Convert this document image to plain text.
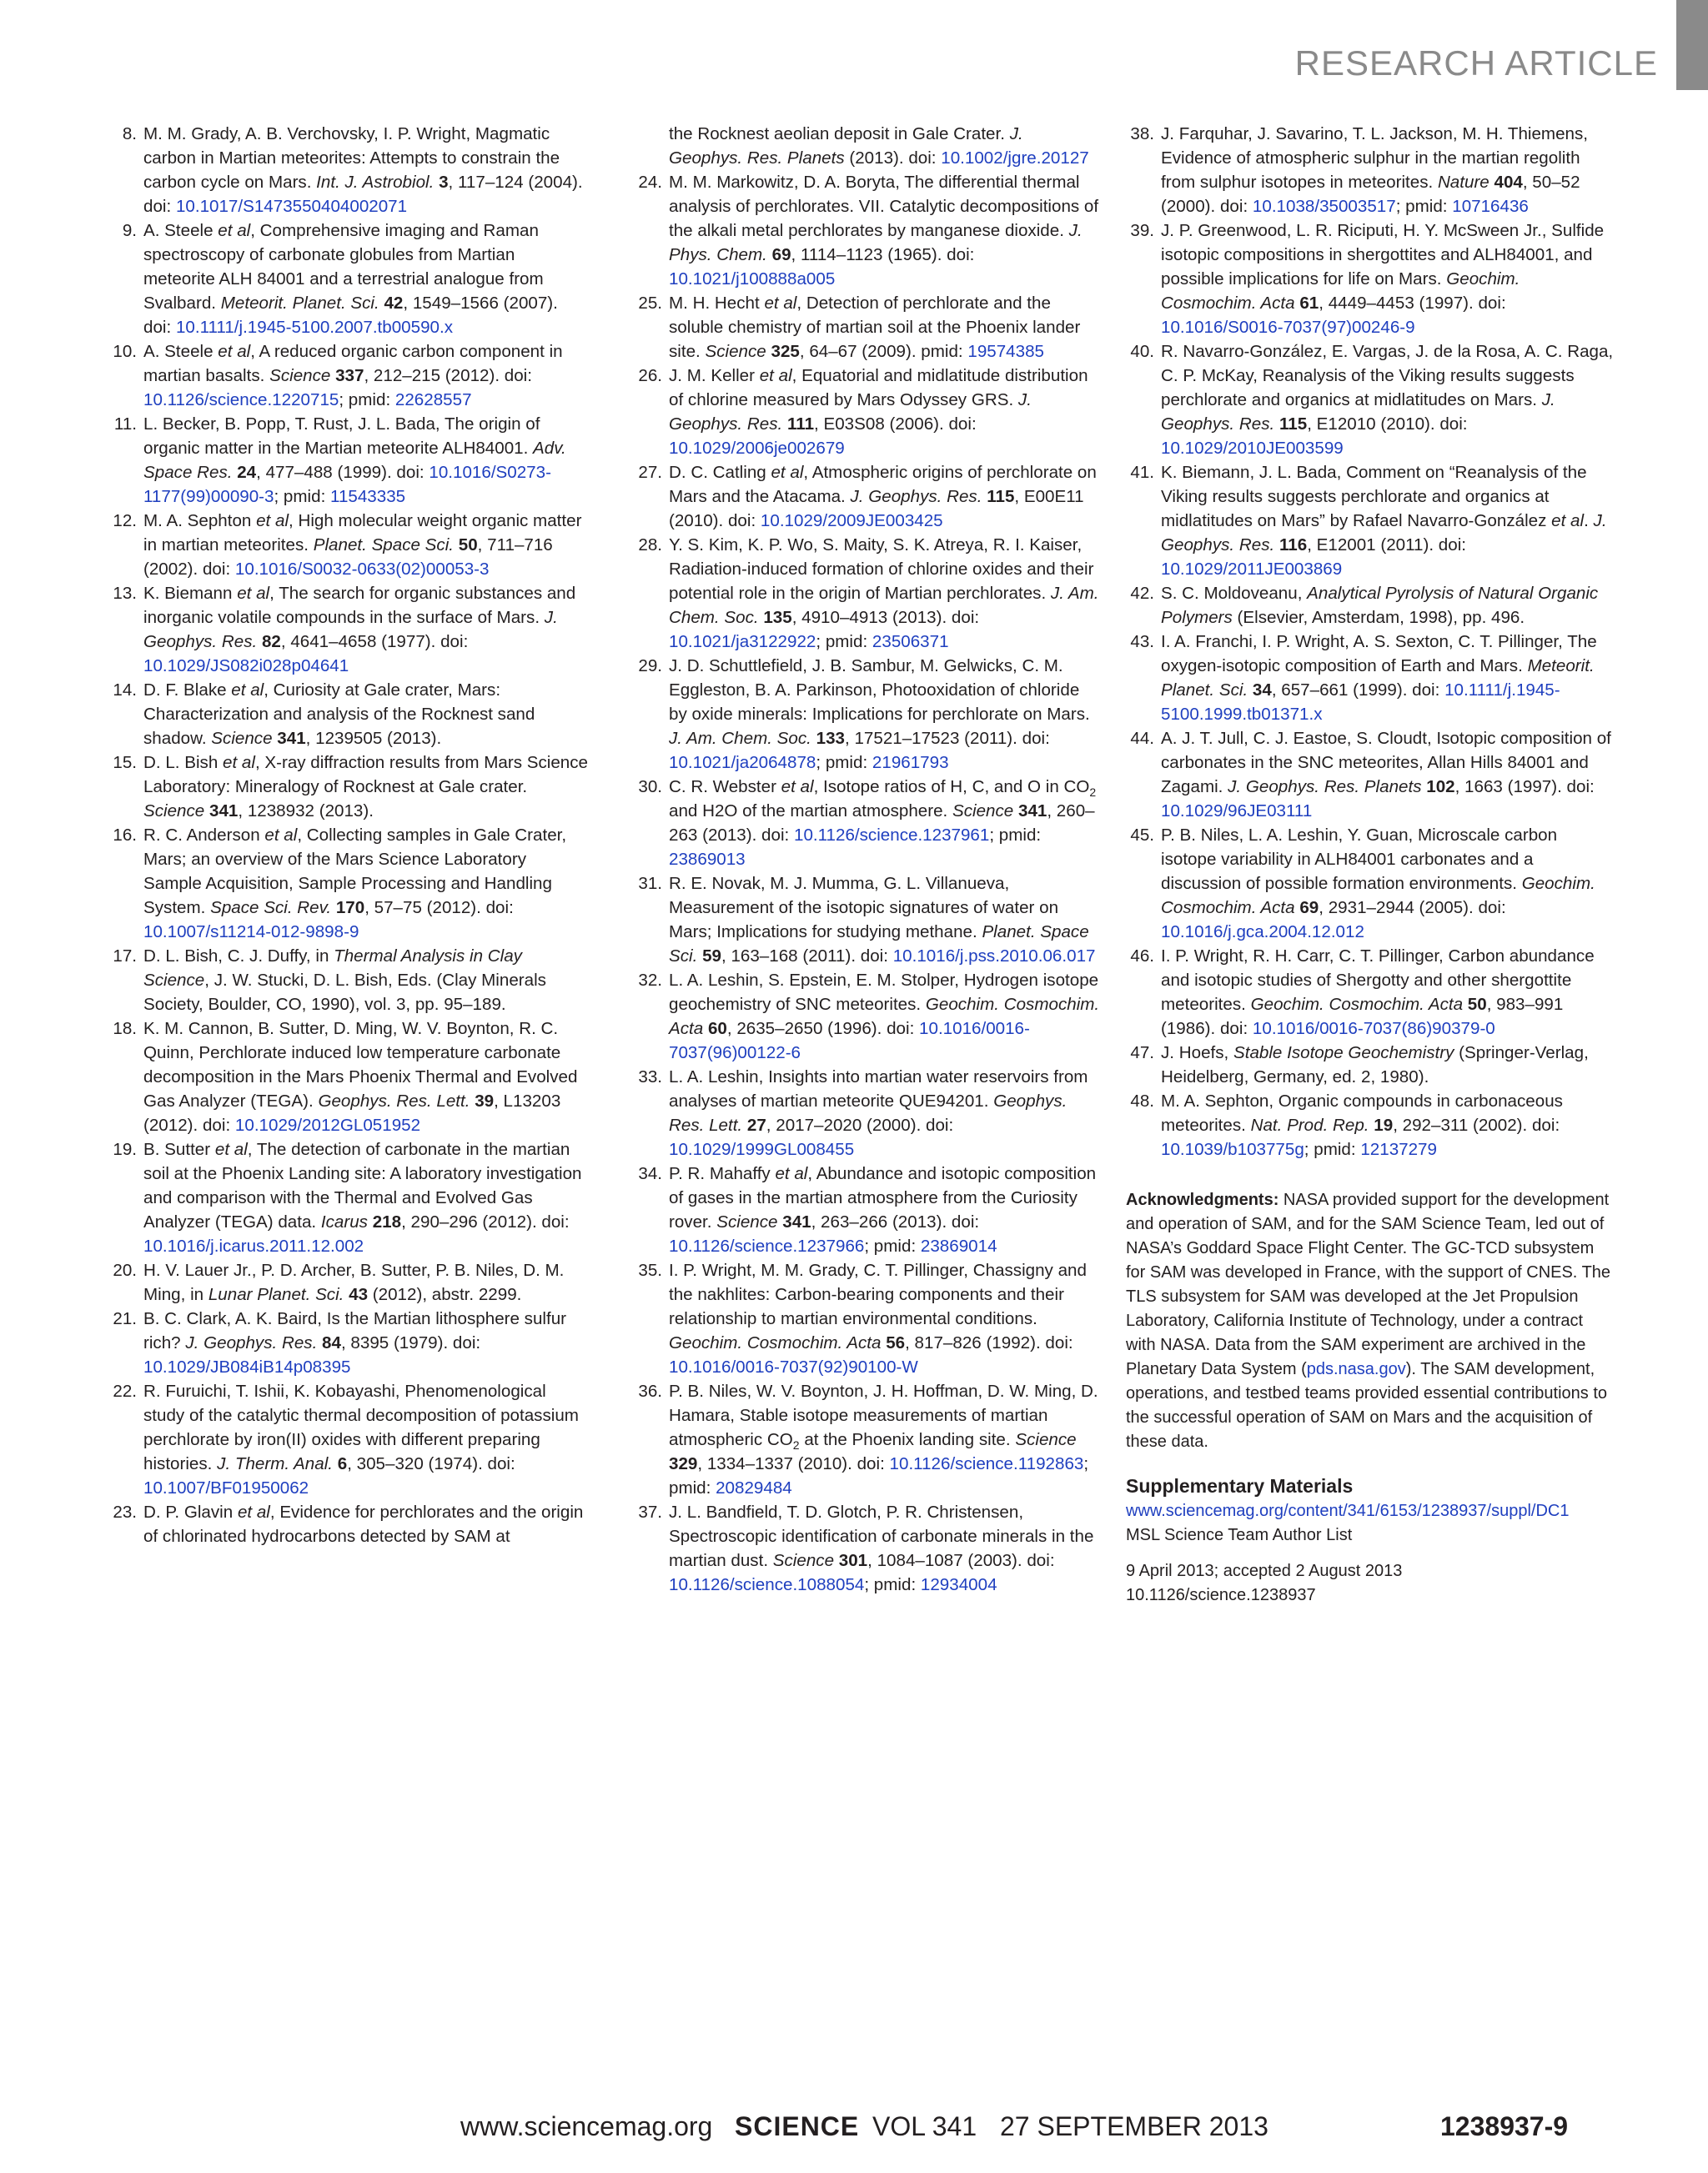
RESEARCH ARTICLE
8. M. M. Grady, A. B. Verchovsky, I. P. Wright, Magmatic carbon in Martian meteorites: Attempts to constrain the carbon cycle on Mars. Int. J. Astrobiol. 3, 117–124 (2004). doi: 10.1017/S1473550404002071
9. A. Steele et al, Comprehensive imaging and Raman spectroscopy of carbonate globules from Martian meteorite ALH 84001 and a terrestrial analogue from Svalbard. Meteorit. Planet. Sci. 42, 1549–1566 (2007). doi: 10.1111/j.1945-5100.2007.tb00590.x
10. A. Steele et al, A reduced organic carbon component in martian basalts. Science 337, 212–215 (2012). doi: 10.1126/science.1220715; pmid: 22628557
11. L. Becker, B. Popp, T. Rust, J. L. Bada, The origin of organic matter in the Martian meteorite ALH84001. Adv. Space Res. 24, 477–488 (1999). doi: 10.1016/S0273-1177(99)00090-3; pmid: 11543335
12. M. A. Sephton et al, High molecular weight organic matter in martian meteorites. Planet. Space Sci. 50, 711–716 (2002). doi: 10.1016/S0032-0633(02)00053-3
13. K. Biemann et al, The search for organic substances and inorganic volatile compounds in the surface of Mars. J. Geophys. Res. 82, 4641–4658 (1977). doi: 10.1029/JS082i028p04641
14. D. F. Blake et al, Curiosity at Gale crater, Mars: Characterization and analysis of the Rocknest sand shadow. Science 341, 1239505 (2013).
15. D. L. Bish et al, X-ray diffraction results from Mars Science Laboratory: Mineralogy of Rocknest at Gale crater. Science 341, 1238932 (2013).
16. R. C. Anderson et al, Collecting samples in Gale Crater, Mars; an overview of the Mars Science Laboratory Sample Acquisition, Sample Processing and Handling System. Space Sci. Rev. 170, 57–75 (2012). doi: 10.1007/s11214-012-9898-9
17. D. L. Bish, C. J. Duffy, in Thermal Analysis in Clay Science, J. W. Stucki, D. L. Bish, Eds. (Clay Minerals Society, Boulder, CO, 1990), vol. 3, pp. 95–189.
18. K. M. Cannon, B. Sutter, D. Ming, W. V. Boynton, R. C. Quinn, Perchlorate induced low temperature carbonate decomposition in the Mars Phoenix Thermal and Evolved Gas Analyzer (TEGA). Geophys. Res. Lett. 39, L13203 (2012). doi: 10.1029/2012GL051952
19. B. Sutter et al, The detection of carbonate in the martian soil at the Phoenix Landing site: A laboratory investigation and comparison with the Thermal and Evolved Gas Analyzer (TEGA) data. Icarus 218, 290–296 (2012). doi: 10.1016/j.icarus.2011.12.002
20. H. V. Lauer Jr., P. D. Archer, B. Sutter, P. B. Niles, D. M. Ming, in Lunar Planet. Sci. 43 (2012), abstr. 2299.
21. B. C. Clark, A. K. Baird, Is the Martian lithosphere sulfur rich? J. Geophys. Res. 84, 8395 (1979). doi: 10.1029/JB084iB14p08395
22. R. Furuichi, T. Ishii, K. Kobayashi, Phenomenological study of the catalytic thermal decomposition of potassium perchlorate by iron(II) oxides with different preparing histories. J. Therm. Anal. 6, 305–320 (1974). doi: 10.1007/BF01950062
23. D. P. Glavin et al, Evidence for perchlorates and the origin of chlorinated hydrocarbons detected by SAM at
the Rocknest aeolian deposit in Gale Crater. J. Geophys. Res. Planets (2013). doi: 10.1002/jgre.20127
24. M. M. Markowitz, D. A. Boryta, The differential thermal analysis of perchlorates. VII. Catalytic decompositions of the alkali metal perchlorates by manganese dioxide. J. Phys. Chem. 69, 1114–1123 (1965). doi: 10.1021/j100888a005
25. M. H. Hecht et al, Detection of perchlorate and the soluble chemistry of martian soil at the Phoenix lander site. Science 325, 64–67 (2009). pmid: 19574385
26. J. M. Keller et al, Equatorial and midlatitude distribution of chlorine measured by Mars Odyssey GRS. J. Geophys. Res. 111, E03S08 (2006). doi: 10.1029/2006je002679
27. D. C. Catling et al, Atmospheric origins of perchlorate on Mars and the Atacama. J. Geophys. Res. 115, E00E11 (2010). doi: 10.1029/2009JE003425
28. Y. S. Kim, K. P. Wo, S. Maity, S. K. Atreya, R. I. Kaiser, Radiation-induced formation of chlorine oxides and their potential role in the origin of Martian perchlorates. J. Am. Chem. Soc. 135, 4910–4913 (2013). doi: 10.1021/ja3122922; pmid: 23506371
29. J. D. Schuttlefield, J. B. Sambur, M. Gelwicks, C. M. Eggleston, B. A. Parkinson, Photooxidation of chloride by oxide minerals: Implications for perchlorate on Mars. J. Am. Chem. Soc. 133, 17521–17523 (2011). doi: 10.1021/ja2064878; pmid: 21961793
30. C. R. Webster et al, Isotope ratios of H, C, and O in $CO_2$ and H2O of the martian atmosphere. Science 341, 260–263 (2013). doi: 10.1126/science.1237961; pmid: 23869013
31. R. E. Novak, M. J. Mumma, G. L. Villanueva, Measurement of the isotopic signatures of water on Mars; Implications for studying methane. Planet. Space Sci. 59, 163–168 (2011). doi: 10.1016/j.pss.2010.06.017
32. L. A. Leshin, S. Epstein, E. M. Stolper, Hydrogen isotope geochemistry of SNC meteorites. Geochim. Cosmochim. Acta 60, 2635–2650 (1996). doi: 10.1016/0016-7037(96)00122-6
33. L. A. Leshin, Insights into martian water reservoirs from analyses of martian meteorite QUE94201. Geophys. Res. Lett. 27, 2017–2020 (2000). doi: 10.1029/1999GL008455
34. P. R. Mahaffy et al, Abundance and isotopic composition of gases in the martian atmosphere from the Curiosity rover. Science 341, 263–266 (2013). doi: 10.1126/science.1237966; pmid: 23869014
35. I. P. Wright, M. M. Grady, C. T. Pillinger, Chassigny and the nakhlites: Carbon-bearing components and their relationship to martian environmental conditions. Geochim. Cosmochim. Acta 56, 817–826 (1992). doi: 10.1016/0016-7037(92)90100-W
36. P. B. Niles, W. V. Boynton, J. H. Hoffman, D. W. Ming, D. Hamara, Stable isotope measurements of martian atmospheric $CO_2$ at the Phoenix landing site. Science 329, 1334–1337 (2010). doi: 10.1126/science.1192863; pmid: 20829484
37. J. L. Bandfield, T. D. Glotch, P. R. Christensen, Spectroscopic identification of carbonate minerals in the martian dust. Science 301, 1084–1087 (2003). doi: 10.1126/science.1088054; pmid: 12934004
38. J. Farquhar, J. Savarino, T. L. Jackson, M. H. Thiemens, Evidence of atmospheric sulphur in the martian regolith from sulphur isotopes in meteorites. Nature 404, 50–52 (2000). doi: 10.1038/35003517; pmid: 10716436
39. J. P. Greenwood, L. R. Riciputi, H. Y. McSween Jr., Sulfide isotopic compositions in shergottites and ALH84001, and possible implications for life on Mars. Geochim. Cosmochim. Acta 61, 4449–4453 (1997). doi: 10.1016/S0016-7037(97)00246-9
40. R. Navarro-González, E. Vargas, J. de la Rosa, A. C. Raga, C. P. McKay, Reanalysis of the Viking results suggests perchlorate and organics at midlatitudes on Mars. J. Geophys. Res. 115, E12010 (2010). doi: 10.1029/2010JE003599
41. K. Biemann, J. L. Bada, Comment on “Reanalysis of the Viking results suggests perchlorate and organics at midlatitudes on Mars” by Rafael Navarro-González et al. J. Geophys. Res. 116, E12001 (2011). doi: 10.1029/2011JE003869
42. S. C. Moldoveanu, Analytical Pyrolysis of Natural Organic Polymers (Elsevier, Amsterdam, 1998), pp. 496.
43. I. A. Franchi, I. P. Wright, A. S. Sexton, C. T. Pillinger, The oxygen-isotopic composition of Earth and Mars. Meteorit. Planet. Sci. 34, 657–661 (1999). doi: 10.1111/j.1945-5100.1999.tb01371.x
44. A. J. T. Jull, C. J. Eastoe, S. Cloudt, Isotopic composition of carbonates in the SNC meteorites, Allan Hills 84001 and Zagami. J. Geophys. Res. Planets 102, 1663 (1997). doi: 10.1029/96JE03111
45. P. B. Niles, L. A. Leshin, Y. Guan, Microscale carbon isotope variability in ALH84001 carbonates and a discussion of possible formation environments. Geochim. Cosmochim. Acta 69, 2931–2944 (2005). doi: 10.1016/j.gca.2004.12.012
46. I. P. Wright, R. H. Carr, C. T. Pillinger, Carbon abundance and isotopic studies of Shergotty and other shergottite meteorites. Geochim. Cosmochim. Acta 50, 983–991 (1986). doi: 10.1016/0016-7037(86)90379-0
47. J. Hoefs, Stable Isotope Geochemistry (Springer-Verlag, Heidelberg, Germany, ed. 2, 1980).
48. M. A. Sephton, Organic compounds in carbonaceous meteorites. Nat. Prod. Rep. 19, 292–311 (2002). doi: 10.1039/b103775g; pmid: 12137279
Acknowledgments: NASA provided support for the development and operation of SAM, and for the SAM Science Team, led out of NASA’s Goddard Space Flight Center. The GC-TCD subsystem for SAM was developed in France, with the support of CNES. The TLS subsystem for SAM was developed at the Jet Propulsion Laboratory, California Institute of Technology, under a contract with NASA. Data from the SAM experiment are archived in the Planetary Data System (pds.nasa.gov). The SAM development, operations, and testbed teams provided essential contributions to the successful operation of SAM on Mars and the acquisition of these data.
Supplementary Materials
www.sciencemag.org/content/341/6153/1238937/suppl/DC1
MSL Science Team Author List
9 April 2013; accepted 2 August 2013
10.1126/science.1238937
www.sciencemag.org SCIENCE VOL 341 27 SEPTEMBER 2013	1238937-9
